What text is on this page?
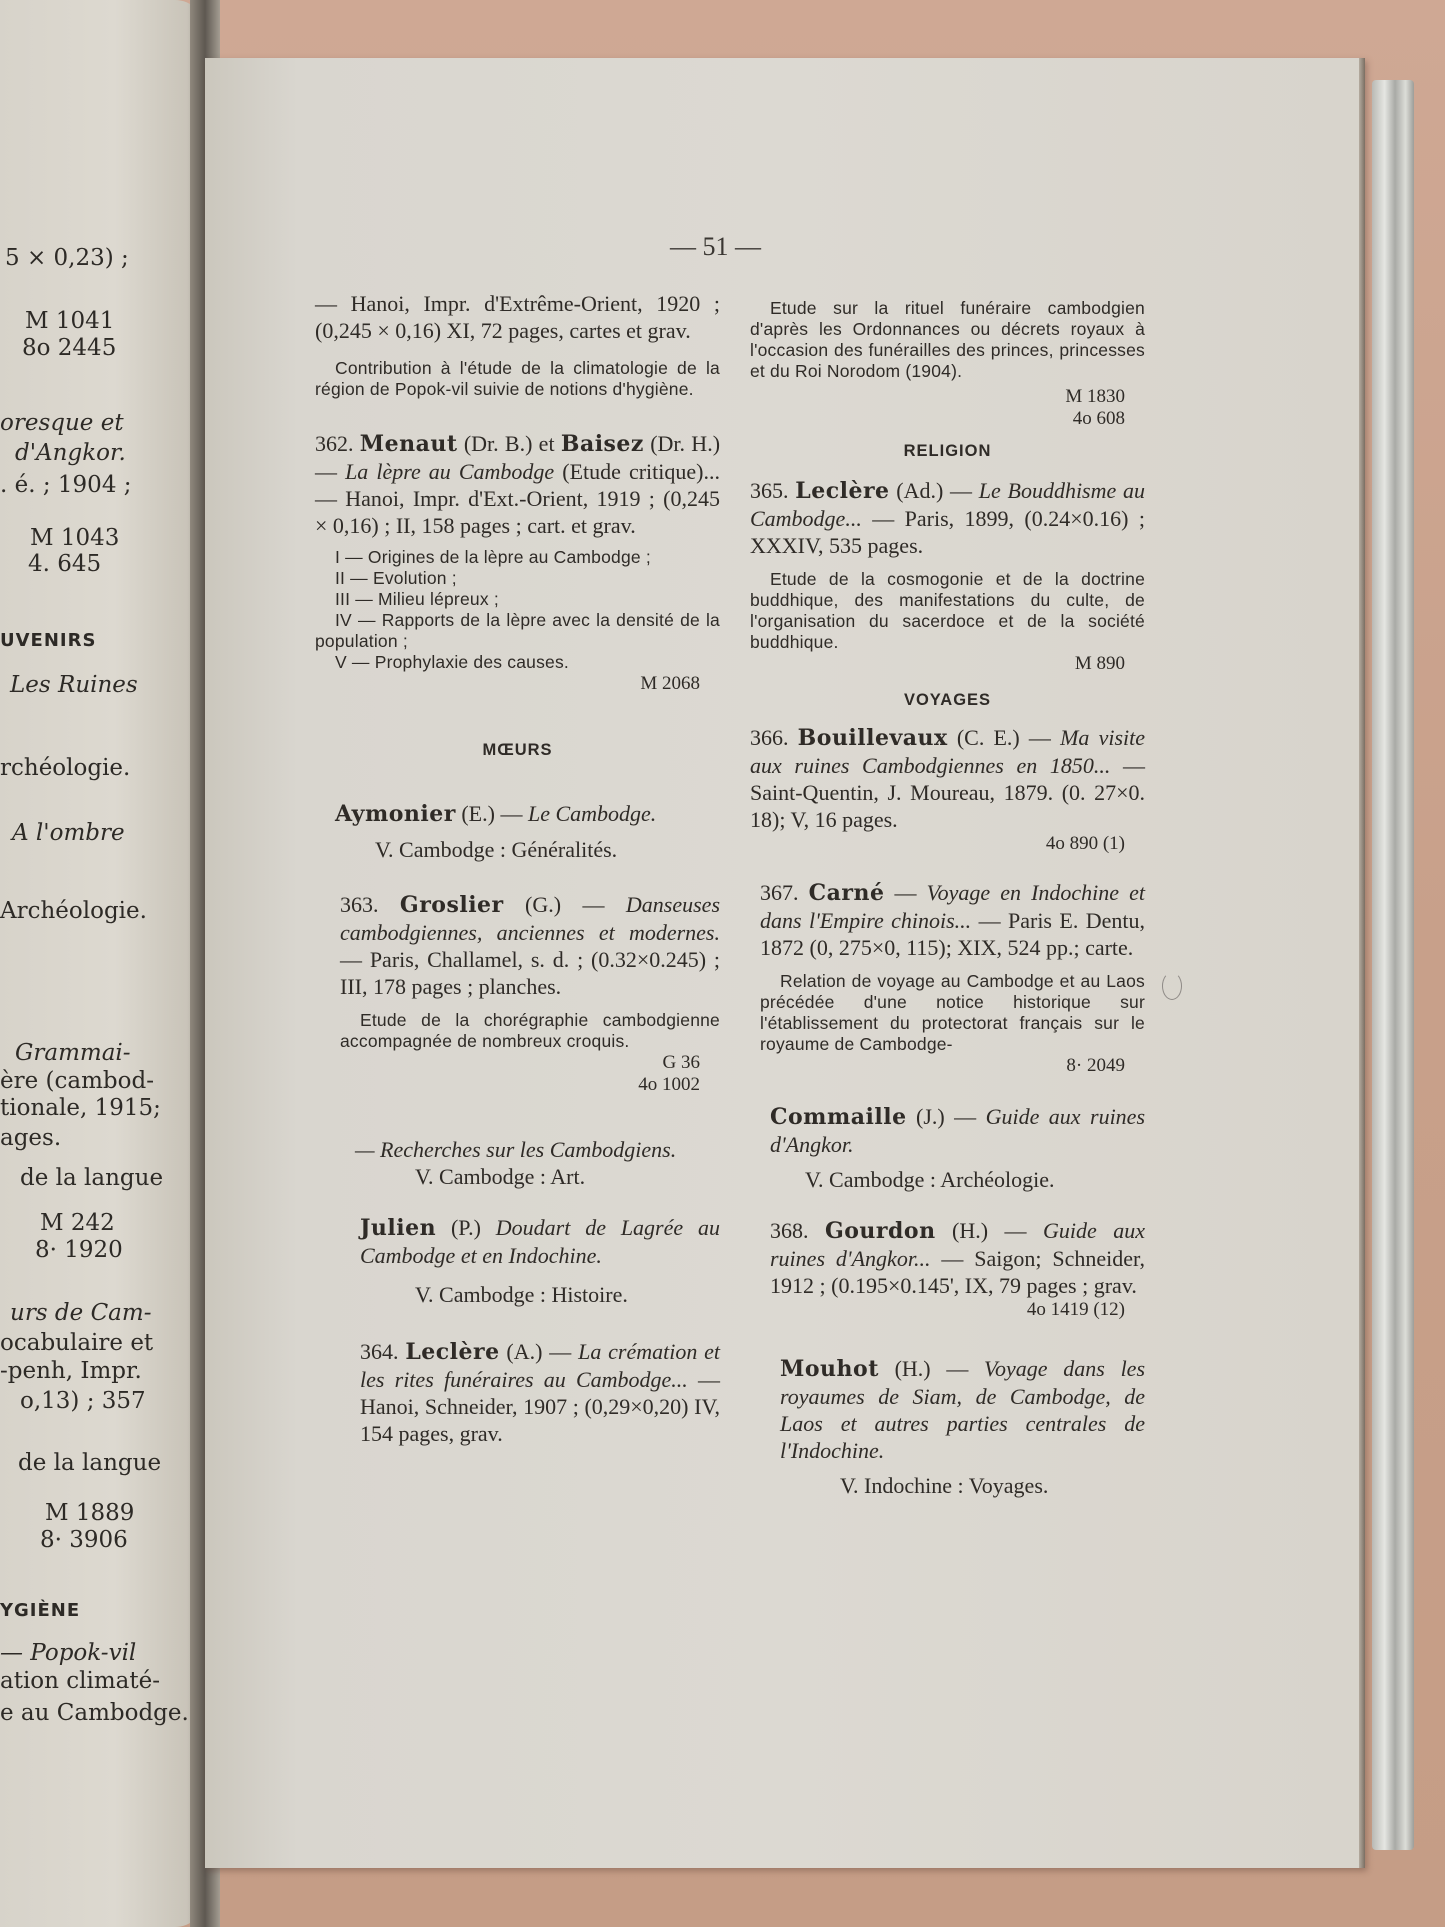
5 × 0,23) ;
M 1041
8o 2445
oresque et
d'Angkor.
. é. ; 1904 ;
M 1043
4. 645
UVENIRS
Les Ruines
rchéologie.
A l'ombre
Archéologie.
Grammai-
ère (cambod-
tionale, 1915;
ages.
de la langue
M 242
8· 1920
urs de Cam-
ocabulaire et
-penh, Impr.
o,13) ; 357
de la langue
M 1889
8· 3906
YGIÈNE
— Popok-vil
ation climaté-
e au Cambodge.
— 51 —

— Hanoi, Impr. d'Extrême-Orient, 1920 ; (0,245 × 0,16) XI, 72 pages, cartes et grav.

Contribution à l'étude de la climatologie de la région de Popok-vil suivie de notions d'hygiène.

362. Menaut (Dr. B.) et Baisez (Dr. H.) — La lèpre au Cambodge (Etude critique)... — Hanoi, Impr. d'Ext.-Orient, 1919 ; (0,245 × 0,16) ; II, 158 pages ; cart. et grav.

I — Origines de la lèpre au Cambodge ;

II — Evolution ;

III — Milieu lépreux ;

IV — Rapports de la lèpre avec la densité de la population ;

V — Prophylaxie des causes.

M 2068

MŒURS

Aymonier (E.) — Le Cambodge.

V. Cambodge : Généralités.

363. Groslier (G.) — Danseuses cambodgiennes, anciennes et modernes. — Paris, Challamel, s. d. ; (0.32×0.245) ; III, 178 pages ; planches.

Etude de la chorégraphie cambodgienne accompagnée de nombreux croquis.

G 36

4o 1002

— Recherches sur les Cambodgiens.

V. Cambodge : Art.

Julien (P.) Doudart de Lagrée au Cambodge et en Indochine.

V. Cambodge : Histoire.

364. Leclère (A.) — La crémation et les rites funéraires au Cambodge... — Hanoi, Schneider, 1907 ; (0,29×0,20) IV, 154 pages, grav.

Etude sur la rituel funéraire cambodgien d'après les Ordonnances ou décrets royaux à l'occasion des funérailles des princes, princesses et du Roi Norodom (1904).

M 1830

4o 608

RELIGION

365. Leclère (Ad.) — Le Bouddhisme au Cambodge... — Paris, 1899, (0.24×0.16) ; XXXIV, 535 pages.

Etude de la cosmogonie et de la doctrine buddhique, des manifestations du culte, de l'organisation du sacerdoce et de la société buddhique.

M 890

VOYAGES

366. Bouillevaux (C. E.) — Ma visite aux ruines Cambodgiennes en 1850... — Saint-Quentin, J. Moureau, 1879. (0. 27×0. 18); V, 16 pages.

4o 890 (1)

367. Carné — Voyage en Indochine et dans l'Empire chinois... — Paris E. Dentu, 1872 (0, 275×0, 115); XIX, 524 pp.; carte.

Relation de voyage au Cambodge et au Laos précédée d'une notice historique sur l'établissement du protectorat français sur le royaume de Cambodge-

8· 2049

Commaille (J.) — Guide aux ruines d'Angkor.

V. Cambodge : Archéologie.

368. Gourdon (H.) — Guide aux ruines d'Angkor... — Saigon; Schneider, 1912 ; (0.195×0.145', IX, 79 pages ; grav.

4o 1419 (12)

Mouhot (H.) — Voyage dans les royaumes de Siam, de Cambodge, de Laos et autres parties centrales de l'Indochine.

V. Indochine : Voyages.
